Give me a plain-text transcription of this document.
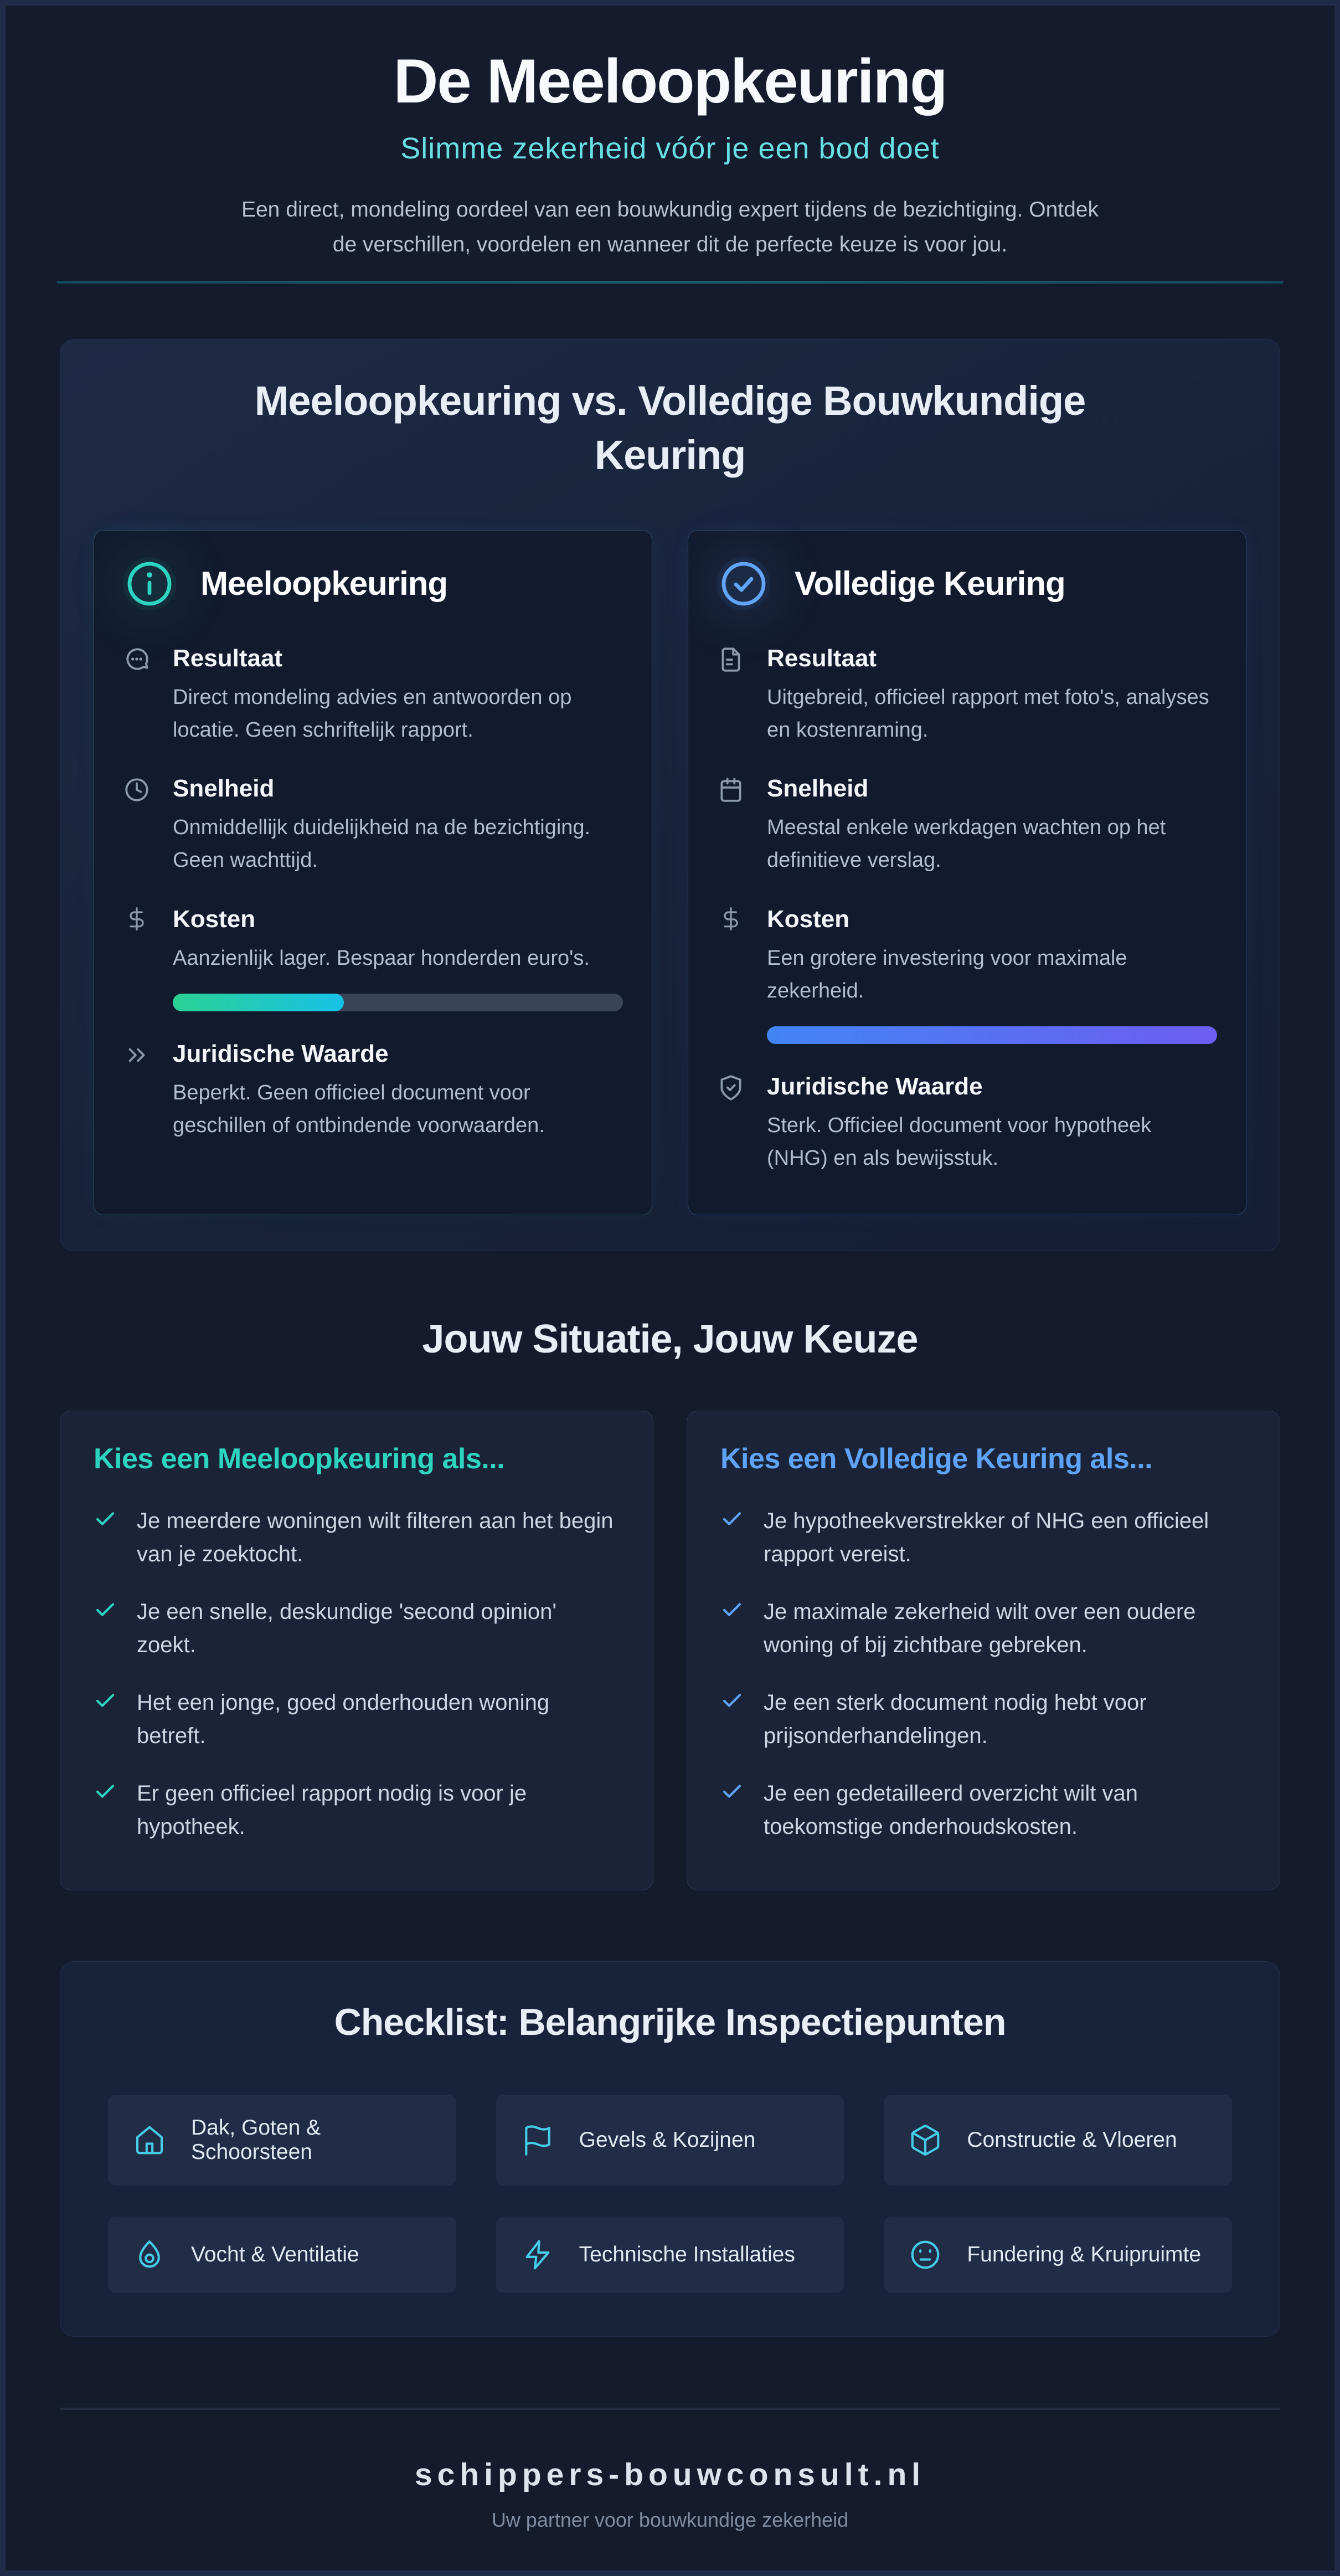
De Meeloopkeuring
Slimme zekerheid vóór je een bod doet

Een direct, mondeling oordeel van een bouwkundig expert tijdens de bezichtiging. Ontdek de verschillen, voordelen en wanneer dit de perfecte keuze is voor jou.

Meeloopkeuring vs. Volledige Bouwkundige Keuring
Meeloopkeuring
Resultaat

Direct mondeling advies en antwoorden op locatie. Geen schriftelijk rapport.

Snelheid

Onmiddellijk duidelijkheid na de bezichtiging. Geen wachttijd.

Kosten

Aanzienlijk lager. Bespaar honderden euro's.

Juridische Waarde

Beperkt. Geen officieel document voor geschillen of ontbindende voorwaarden.

Volledige Keuring
Resultaat

Uitgebreid, officieel rapport met foto's, analyses en kostenraming.

Snelheid

Meestal enkele werkdagen wachten op het definitieve verslag.

Kosten

Een grotere investering voor maximale zekerheid.

Juridische Waarde

Sterk. Officieel document voor hypotheek (NHG) en als bewijsstuk.

Jouw Situatie, Jouw Keuze
Kies een Meeloopkeuring als...

Je meerdere woningen wilt filteren aan het begin van je zoektocht.

Je een snelle, deskundige 'second opinion' zoekt.

Het een jonge, goed onderhouden woning betreft.

Er geen officieel rapport nodig is voor je hypotheek.

Kies een Volledige Keuring als...

Je hypotheekverstrekker of NHG een officieel rapport vereist.

Je maximale zekerheid wilt over een oudere woning of bij zichtbare gebreken.

Je een sterk document nodig hebt voor prijsonderhandelingen.

Je een gedetailleerd overzicht wilt van toekomstige onderhoudskosten.

Checklist: Belangrijke Inspectiepunten

Dak, Goten & Schoorsteen

Gevels & Kozijnen	Constructie & Vloeren

Vocht & Ventilatie	Technische Installaties	Fundering & Kruipruimte

schippers-bouwconsult.nl
Uw partner voor bouwkundige zekerheid
